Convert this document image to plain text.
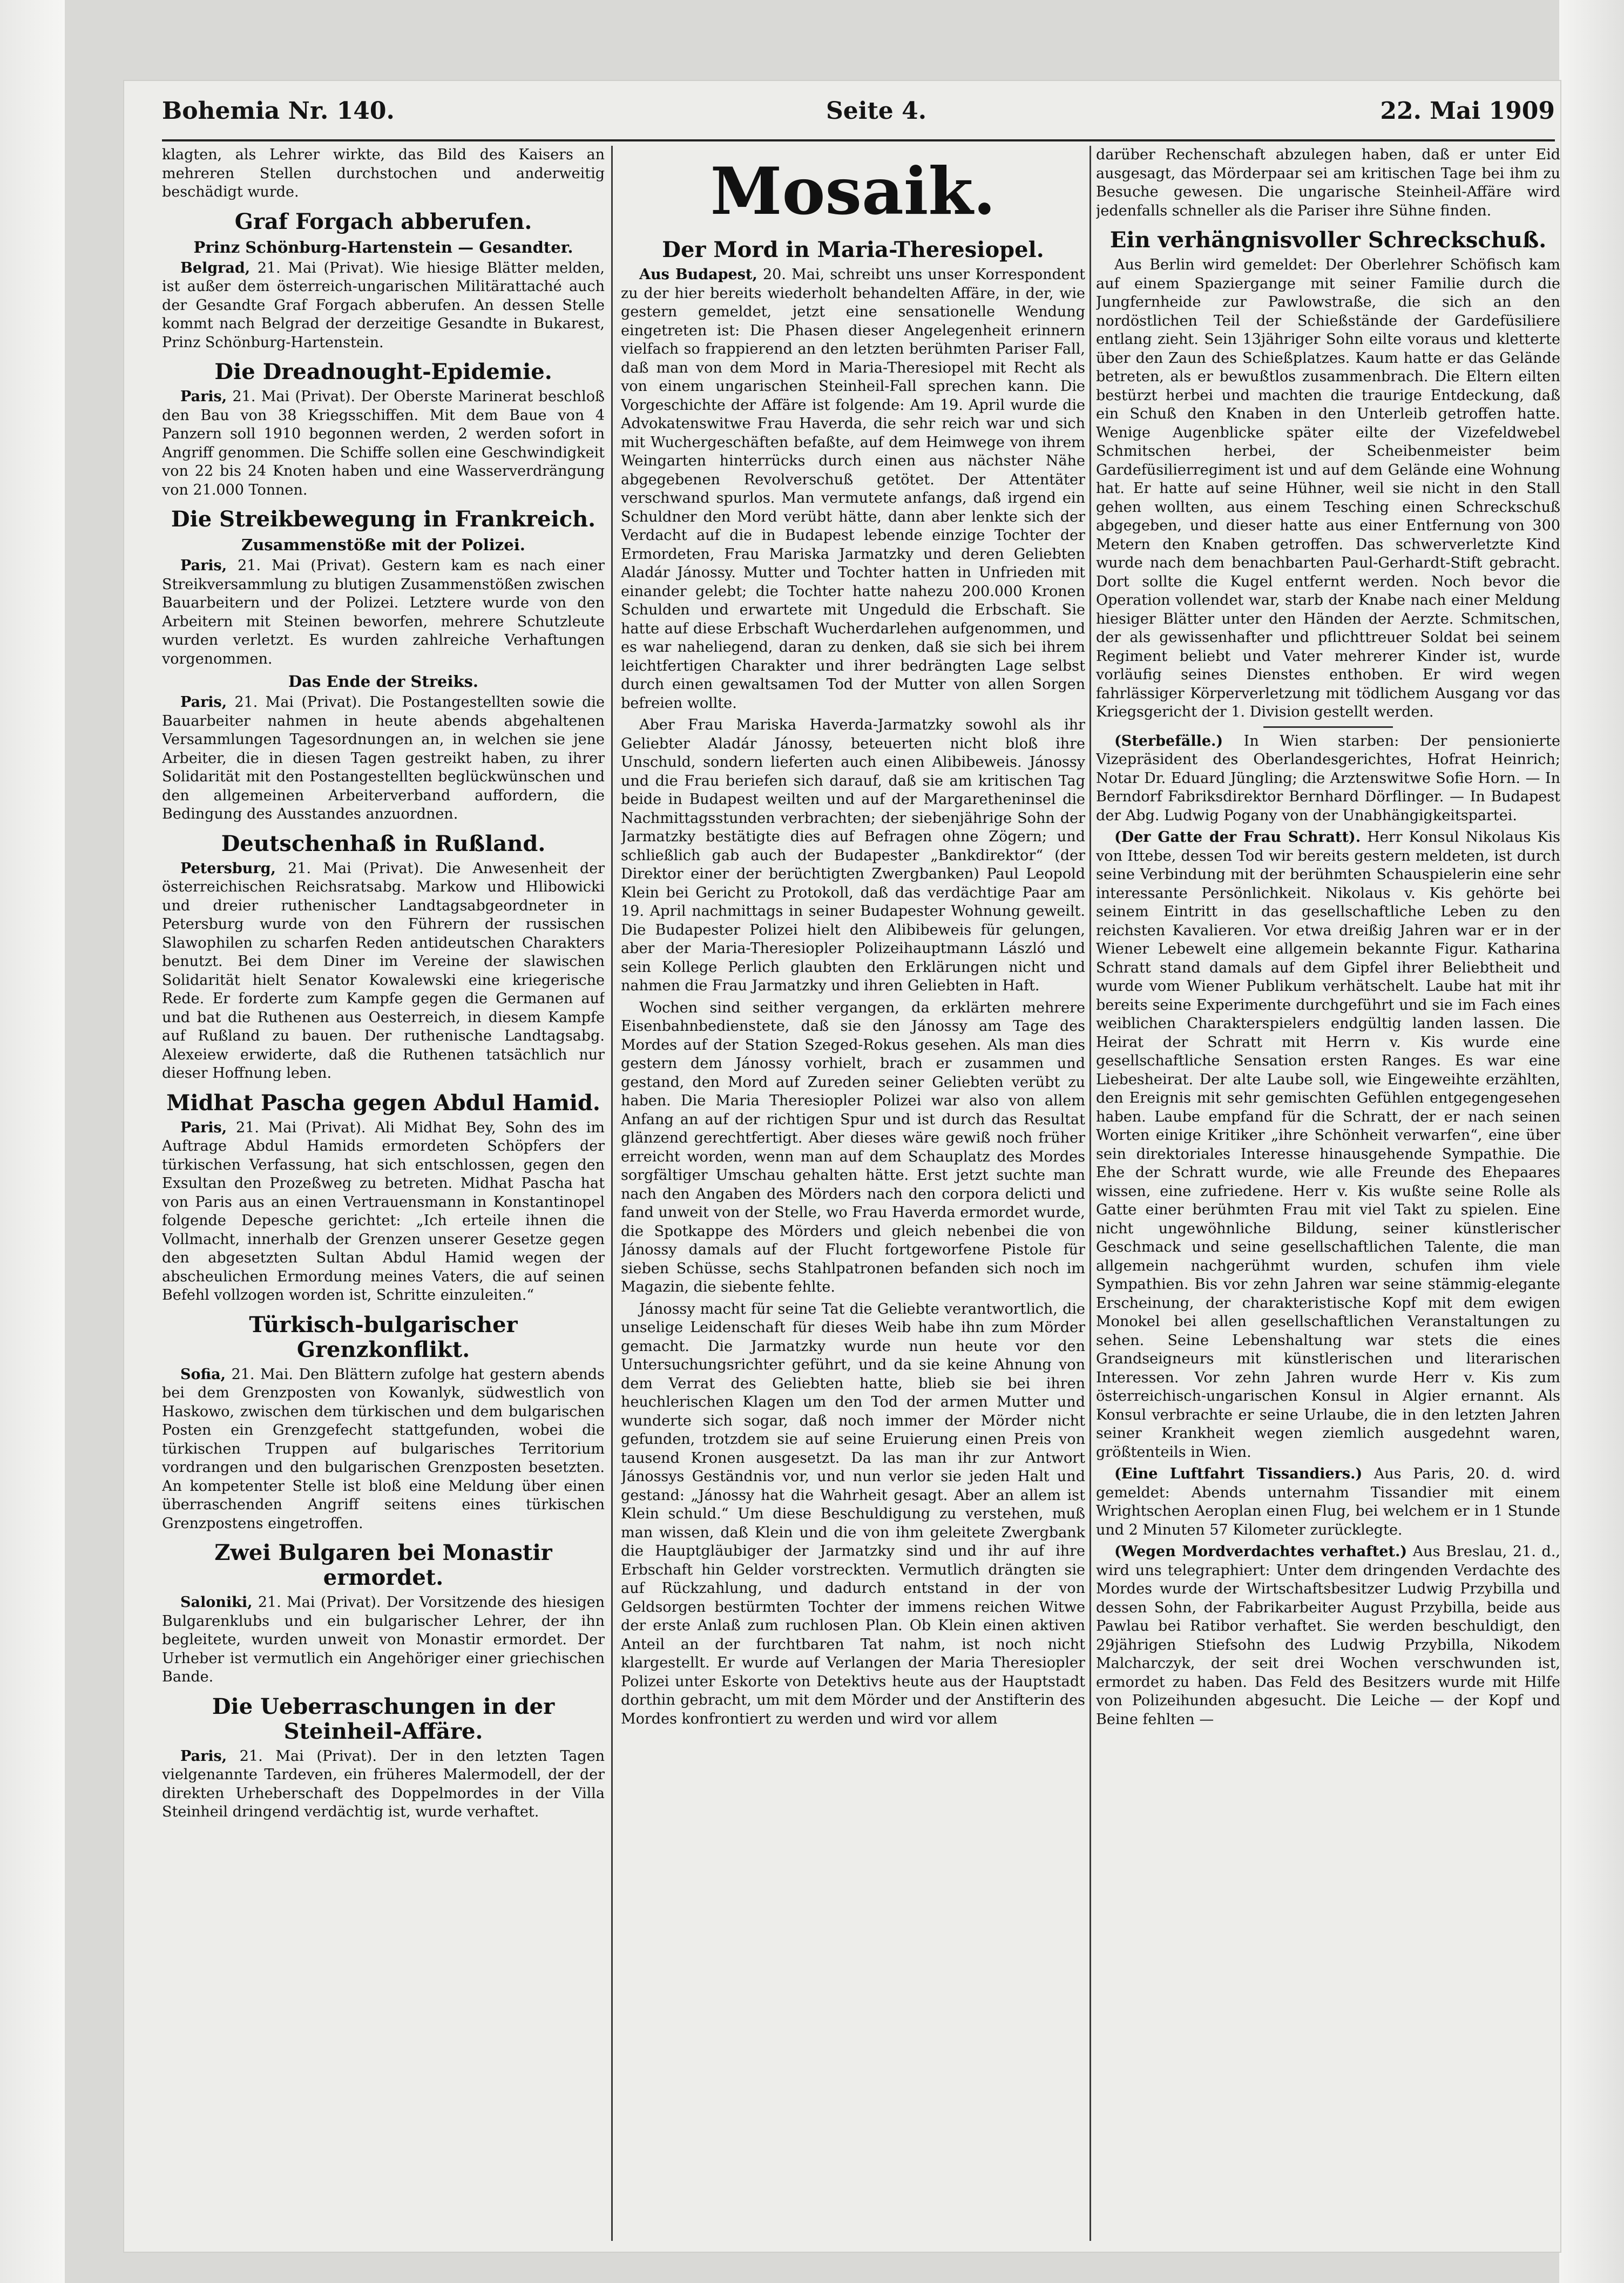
Bohemia Nr. 140.	Seite 4.	22. Mai 1909

klagten, als Lehrer wirkte, das Bild des Kaisers an mehreren Stellen durchstochen und anderweitig beschädigt wurde.

Graf Forgach abberufen.
Prinz Schönburg-Hartenstein — Gesandter.

Belgrad, 21. Mai (Privat). Wie hiesige Blätter melden, ist außer dem österreich-ungarischen Militärattaché auch der Gesandte Graf Forgach abberufen. An dessen Stelle kommt nach Belgrad der derzeitige Gesandte in Bukarest, Prinz Schönburg-Hartenstein.

Die Dreadnought-Epidemie.

Paris, 21. Mai (Privat). Der Oberste Marinerat beschloß den Bau von 38 Kriegsschiffen. Mit dem Baue von 4 Panzern soll 1910 begonnen werden, 2 werden sofort in Angriff genommen. Die Schiffe sollen eine Geschwindigkeit von 22 bis 24 Knoten haben und eine Wasserverdrängung von 21.000 Tonnen.

Die Streikbewegung in Frankreich.
Zusammenstöße mit der Polizei.

Paris, 21. Mai (Privat). Gestern kam es nach einer Streikversammlung zu blutigen Zusammenstößen zwischen Bauarbeitern und der Polizei. Letztere wurde von den Arbeitern mit Steinen beworfen, mehrere Schutzleute wurden verletzt. Es wurden zahlreiche Verhaftungen vorgenommen.

Das Ende der Streiks.

Paris, 21. Mai (Privat). Die Postangestellten sowie die Bauarbeiter nahmen in heute abends abgehaltenen Versammlungen Tagesordnungen an, in welchen sie jene Arbeiter, die in diesen Tagen gestreikt haben, zu ihrer Solidarität mit den Postangestellten beglückwünschen und den allgemeinen Arbeiterverband auffordern, die Bedingung des Ausstandes anzuordnen.

Deutschenhaß in Rußland.

Petersburg, 21. Mai (Privat). Die Anwesenheit der österreichischen Reichsratsabg. Markow und Hlibowicki und dreier ruthenischer Landtagsabgeordneter in Petersburg wurde von den Führern der russischen Slawophilen zu scharfen Reden antideutschen Charakters benutzt. Bei dem Diner im Vereine der slawischen Solidarität hielt Senator Kowalewski eine kriegerische Rede. Er forderte zum Kampfe gegen die Germanen auf und bat die Ruthenen aus Oesterreich, in diesem Kampfe auf Rußland zu bauen. Der ruthenische Landtagsabg. Alexeiew erwiderte, daß die Ruthenen tatsächlich nur dieser Hoffnung leben.

Midhat Pascha gegen Abdul Hamid.

Paris, 21. Mai (Privat). Ali Midhat Bey, Sohn des im Auftrage Abdul Hamids ermordeten Schöpfers der türkischen Verfassung, hat sich entschlossen, gegen den Exsultan den Prozeßweg zu betreten. Midhat Pascha hat von Paris aus an einen Vertrauensmann in Konstantinopel folgende Depesche gerichtet: „Ich erteile ihnen die Vollmacht, innerhalb der Grenzen unserer Gesetze gegen den abgesetzten Sultan Abdul Hamid wegen der abscheulichen Ermordung meines Vaters, die auf seinen Befehl vollzogen worden ist, Schritte einzuleiten.“

Türkisch-bulgarischer Grenzkonflikt.

Sofia, 21. Mai. Den Blättern zufolge hat gestern abends bei dem Grenzposten von Kowanlyk, südwestlich von Haskowo, zwischen dem türkischen und dem bulgarischen Posten ein Grenzgefecht stattgefunden, wobei die türkischen Truppen auf bulgarisches Territorium vordrangen und den bulgarischen Grenzposten besetzten. An kompetenter Stelle ist bloß eine Meldung über einen überraschenden Angriff seitens eines türkischen Grenzpostens eingetroffen.

Zwei Bulgaren bei Monastir ermordet.

Saloniki, 21. Mai (Privat). Der Vorsitzende des hiesigen Bulgarenklubs und ein bulgarischer Lehrer, der ihn begleitete, wurden unweit von Monastir ermordet. Der Urheber ist vermutlich ein Angehöriger einer griechischen Bande.

Die Ueberraschungen in der Steinheil-Affäre.

Paris, 21. Mai (Privat). Der in den letzten Tagen vielgenannte Tardeven, ein früheres Malermodell, der der direkten Urheberschaft des Doppelmordes in der Villa Steinheil dringend verdächtig ist, wurde verhaftet.

Mosaik.
Der Mord in Maria-Theresiopel.

Aus Budapest, 20. Mai, schreibt uns unser Korrespondent zu der hier bereits wiederholt behandelten Affäre, in der, wie gestern gemeldet, jetzt eine sensationelle Wendung eingetreten ist: Die Phasen dieser Angelegenheit erinnern vielfach so frappierend an den letzten berühmten Pariser Fall, daß man von dem Mord in Maria-Theresiopel mit Recht als von einem ungarischen Steinheil-Fall sprechen kann. Die Vorgeschichte der Affäre ist folgende: Am 19. April wurde die Advokatenswitwe Frau Haverda, die sehr reich war und sich mit Wuchergeschäften befaßte, auf dem Heimwege von ihrem Weingarten hinterrücks durch einen aus nächster Nähe abgegebenen Revolverschuß getötet. Der Attentäter verschwand spurlos. Man vermutete anfangs, daß irgend ein Schuldner den Mord verübt hätte, dann aber lenkte sich der Verdacht auf die in Budapest lebende einzige Tochter der Ermordeten, Frau Mariska Jarmatzky und deren Geliebten Aladár Jánossy. Mutter und Tochter hatten in Unfrieden mit einander gelebt; die Tochter hatte nahezu 200.000 Kronen Schulden und erwartete mit Ungeduld die Erbschaft. Sie hatte auf diese Erbschaft Wucherdarlehen aufgenommen, und es war naheliegend, daran zu denken, daß sie sich bei ihrem leichtfertigen Charakter und ihrer bedrängten Lage selbst durch einen gewaltsamen Tod der Mutter von allen Sorgen befreien wollte.

Aber Frau Mariska Haverda-Jarmatzky sowohl als ihr Geliebter Aladár Jánossy, beteuerten nicht bloß ihre Unschuld, sondern lieferten auch einen Alibibeweis. Jánossy und die Frau beriefen sich darauf, daß sie am kritischen Tag beide in Budapest weilten und auf der Margaretheninsel die Nachmittagsstunden verbrachten; der siebenjährige Sohn der Jarmatzky bestätigte dies auf Befragen ohne Zögern; und schließlich gab auch der Budapester „Bankdirektor“ (der Direktor einer der berüchtigten Zwergbanken) Paul Leopold Klein bei Gericht zu Protokoll, daß das verdächtige Paar am 19. April nachmittags in seiner Budapester Wohnung geweilt. Die Budapester Polizei hielt den Alibibeweis für gelungen, aber der Maria-Theresiopler Polizeihauptmann László und sein Kollege Perlich glaubten den Erklärungen nicht und nahmen die Frau Jarmatzky und ihren Geliebten in Haft.

Wochen sind seither vergangen, da erklärten mehrere Eisenbahnbedienstete, daß sie den Jánossy am Tage des Mordes auf der Station Szeged-Rokus gesehen. Als man dies gestern dem Jánossy vorhielt, brach er zusammen und gestand, den Mord auf Zureden seiner Geliebten verübt zu haben. Die Maria Theresiopler Polizei war also von allem Anfang an auf der richtigen Spur und ist durch das Resultat glänzend gerechtfertigt. Aber dieses wäre gewiß noch früher erreicht worden, wenn man auf dem Schauplatz des Mordes sorgfältiger Umschau gehalten hätte. Erst jetzt suchte man nach den Angaben des Mörders nach den corpora delicti und fand unweit von der Stelle, wo Frau Haverda ermordet wurde, die Spotkappe des Mörders und gleich nebenbei die von Jánossy damals auf der Flucht fortgeworfene Pistole für sieben Schüsse, sechs Stahlpatronen befanden sich noch im Magazin, die siebente fehlte.

Jánossy macht für seine Tat die Geliebte verantwortlich, die unselige Leidenschaft für dieses Weib habe ihn zum Mörder gemacht. Die Jarmatzky wurde nun heute vor den Untersuchungsrichter geführt, und da sie keine Ahnung von dem Verrat des Geliebten hatte, blieb sie bei ihren heuchlerischen Klagen um den Tod der armen Mutter und wunderte sich sogar, daß noch immer der Mörder nicht gefunden, trotzdem sie auf seine Eruierung einen Preis von tausend Kronen ausgesetzt. Da las man ihr zur Antwort Jánossys Geständnis vor, und nun verlor sie jeden Halt und gestand: „Jánossy hat die Wahrheit gesagt. Aber an allem ist Klein schuld.“ Um diese Beschuldigung zu verstehen, muß man wissen, daß Klein und die von ihm geleitete Zwergbank die Hauptgläubiger der Jarmatzky sind und ihr auf ihre Erbschaft hin Gelder vorstreckten. Vermutlich drängten sie auf Rückzahlung, und dadurch entstand in der von Geldsorgen bestürmten Tochter der immens reichen Witwe der erste Anlaß zum ruchlosen Plan. Ob Klein einen aktiven Anteil an der furchtbaren Tat nahm, ist noch nicht klargestellt. Er wurde auf Verlangen der Maria Theresiopler Polizei unter Eskorte von Detektivs heute aus der Hauptstadt dorthin gebracht, um mit dem Mörder und der Anstifterin des Mordes konfrontiert zu werden und wird vor allem

darüber Rechenschaft abzulegen haben, daß er unter Eid ausgesagt, das Mörderpaar sei am kritischen Tage bei ihm zu Besuche gewesen. Die ungarische Steinheil-Affäre wird jedenfalls schneller als die Pariser ihre Sühne finden.

Ein verhängnisvoller Schreckschuß.

Aus Berlin wird gemeldet: Der Oberlehrer Schöfisch kam auf einem Spaziergange mit seiner Familie durch die Jungfernheide zur Pawlowstraße, die sich an den nordöstlichen Teil der Schießstände der Gardefüsiliere entlang zieht. Sein 13jähriger Sohn eilte voraus und kletterte über den Zaun des Schießplatzes. Kaum hatte er das Gelände betreten, als er bewußtlos zusammenbrach. Die Eltern eilten bestürzt herbei und machten die traurige Entdeckung, daß ein Schuß den Knaben in den Unterleib getroffen hatte. Wenige Augenblicke später eilte der Vizefeldwebel Schmitschen herbei, der Scheibenmeister beim Gardefüsilierregiment ist und auf dem Gelände eine Wohnung hat. Er hatte auf seine Hühner, weil sie nicht in den Stall gehen wollten, aus einem Tesching einen Schreckschuß abgegeben, und dieser hatte aus einer Entfernung von 300 Metern den Knaben getroffen. Das schwerverletzte Kind wurde nach dem benachbarten Paul-Gerhardt-Stift gebracht. Dort sollte die Kugel entfernt werden. Noch bevor die Operation vollendet war, starb der Knabe nach einer Meldung hiesiger Blätter unter den Händen der Aerzte. Schmitschen, der als gewissenhafter und pflichttreuer Soldat bei seinem Regiment beliebt und Vater mehrerer Kinder ist, wurde vorläufig seines Dienstes enthoben. Er wird wegen fahrlässiger Körperverletzung mit tödlichem Ausgang vor das Kriegsgericht der 1. Division gestellt werden.

(Sterbefälle.) In Wien starben: Der pensionierte Vizepräsident des Oberlandesgerichtes, Hofrat Heinrich; Notar Dr. Eduard Jüngling; die Arztenswitwe Sofie Horn. — In Berndorf Fabriksdirektor Bernhard Dörflinger. — In Budapest der Abg. Ludwig Pogany von der Unabhängigkeitspartei.

(Der Gatte der Frau Schratt). Herr Konsul Nikolaus Kis von Ittebe, dessen Tod wir bereits gestern meldeten, ist durch seine Verbindung mit der berühmten Schauspielerin eine sehr interessante Persönlichkeit. Nikolaus v. Kis gehörte bei seinem Eintritt in das gesellschaftliche Leben zu den reichsten Kavalieren. Vor etwa dreißig Jahren war er in der Wiener Lebewelt eine allgemein bekannte Figur. Katharina Schratt stand damals auf dem Gipfel ihrer Beliebtheit und wurde vom Wiener Publikum verhätschelt. Laube hat mit ihr bereits seine Experimente durchgeführt und sie im Fach eines weiblichen Charakterspielers endgültig landen lassen. Die Heirat der Schratt mit Herrn v. Kis wurde eine gesellschaftliche Sensation ersten Ranges. Es war eine Liebesheirat. Der alte Laube soll, wie Eingeweihte erzählten, den Ereignis mit sehr gemischten Gefühlen entgegengesehen haben. Laube empfand für die Schratt, der er nach seinen Worten einige Kritiker „ihre Schönheit verwarfen“, eine über sein direktoriales Interesse hinausgehende Sympathie. Die Ehe der Schratt wurde, wie alle Freunde des Ehepaares wissen, eine zufriedene. Herr v. Kis wußte seine Rolle als Gatte einer berühmten Frau mit viel Takt zu spielen. Eine nicht ungewöhnliche Bildung, seiner künstlerischer Geschmack und seine gesellschaftlichen Talente, die man allgemein nachgerühmt wurden, schufen ihm viele Sympathien. Bis vor zehn Jahren war seine stämmig-elegante Erscheinung, der charakteristische Kopf mit dem ewigen Monokel bei allen gesellschaftlichen Veranstaltungen zu sehen. Seine Lebenshaltung war stets die eines Grandseigneurs mit künstlerischen und literarischen Interessen. Vor zehn Jahren wurde Herr v. Kis zum österreichisch-ungarischen Konsul in Algier ernannt. Als Konsul verbrachte er seine Urlaube, die in den letzten Jahren seiner Krankheit wegen ziemlich ausgedehnt waren, größtenteils in Wien.

(Eine Luftfahrt Tissandiers.) Aus Paris, 20. d. wird gemeldet: Abends unternahm Tissandier mit einem Wrightschen Aeroplan einen Flug, bei welchem er in 1 Stunde und 2 Minuten 57 Kilometer zurücklegte.

(Wegen Mordverdachtes verhaftet.) Aus Breslau, 21. d., wird uns telegraphiert: Unter dem dringenden Verdachte des Mordes wurde der Wirtschaftsbesitzer Ludwig Przybilla und dessen Sohn, der Fabrikarbeiter August Przybilla, beide aus Pawlau bei Ratibor verhaftet. Sie werden beschuldigt, den 29jährigen Stiefsohn des Ludwig Przybilla, Nikodem Malcharczyk, der seit drei Wochen verschwunden ist, ermordet zu haben. Das Feld des Besitzers wurde mit Hilfe von Polizeihunden abgesucht. Die Leiche — der Kopf und Beine fehlten —
